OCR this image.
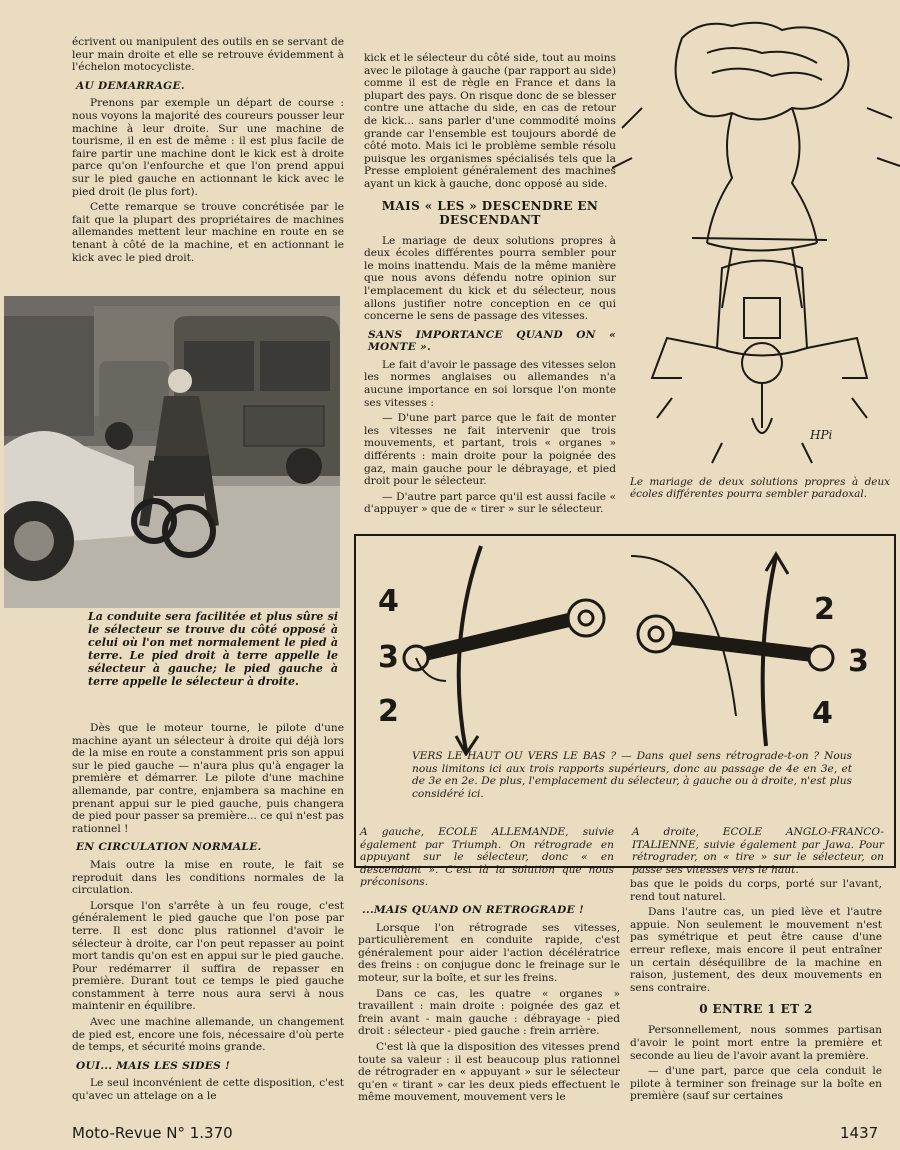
écrivent ou manipulent des outils en se servant de leur main droite et elle se retrouve évidemment à l'échelon motocycliste.

AU DEMARRAGE.

Prenons par exemple un départ de course : nous voyons la majorité des coureurs pousser leur machine à leur droite. Sur une machine de tourisme, il en est de même : il est plus facile de faire partir une machine dont le kick est à droite parce qu'on l'enfourche et que l'on prend appui sur le pied gauche en actionnant le kick avec le pied droit (le plus fort).

Cette remarque se trouve concrétisée par le fait que la plupart des propriétaires de machines allemandes mettent leur machine en route en se tenant à côté de la machine, et en actionnant le kick avec le pied droit.

La conduite sera facilitée et plus sûre si le sélecteur se trouve du côté opposé à celui où l'on met normalement le pied à terre. Le pied droit à terre appelle le sélecteur à gauche; le pied gauche à terre appelle le sélecteur à droite.

Dès que le moteur tourne, le pilote d'une machine ayant un sélecteur à droite qui déjà lors de la mise en route a constamment pris son appui sur le pied gauche — n'aura plus qu'à engager la première et démarrer. Le pilote d'une machine allemande, par contre, enjambera sa machine en prenant appui sur le pied gauche, puis changera de pied pour passer sa première... ce qui n'est pas rationnel !

EN CIRCULATION NORMALE.

Mais outre la mise en route, le fait se reproduit dans les conditions normales de la circulation.

Lorsque l'on s'arrête à un feu rouge, c'est généralement le pied gauche que l'on pose par terre. Il est donc plus rationnel d'avoir le sélecteur à droite, car l'on peut repasser au point mort tandis qu'on est en appui sur le pied gauche. Pour redémarrer il suffira de repasser en première. Durant tout ce temps le pied gauche constamment à terre nous aura servi à nous maintenir en équilibre.

Avec une machine allemande, un changement de pied est, encore une fois, nécessaire d'où perte de temps, et sécurité moins grande.

OUI... MAIS LES SIDES !

Le seul inconvénient de cette disposition, c'est qu'avec un attelage on a le

kick et le sélecteur du côté side, tout au moins avec le pilotage à gauche (par rapport au side) comme il est de règle en France et dans la plupart des pays. On risque donc de se blesser contre une attache du side, en cas de retour de kick... sans parler d'une commodité moins grande car l'ensemble est toujours abordé de côté moto. Mais ici le problème semble résolu puisque les organismes spécialisés tels que la Presse emploient généralement des machines ayant un kick à gauche, donc opposé au side.

MAIS « LES » DESCENDRE EN DESCENDANT

Le mariage de deux solutions propres à deux écoles différentes pourra sembler pour le moins inattendu. Mais de la même manière que nous avons défendu notre opinion sur l'emplacement du kick et du sélecteur, nous allons justifier notre conception en ce qui concerne le sens de passage des vitesses.

SANS IMPORTANCE QUAND ON « MONTE ».

Le fait d'avoir le passage des vitesses selon les normes anglaises ou allemandes n'a aucune importance en soi lorsque l'on monte ses vitesses :

— D'une part parce que le fait de monter les vitesses ne fait intervenir que trois mouvements, et partant, trois « organes » différents : main droite pour la poignée des gaz, main gauche pour le débrayage, et pied droit pour le sélecteur.

— D'autre part parce qu'il est aussi facile « d'appuyer » que de « tirer » sur le sélecteur.

HPi
Le mariage de deux solutions propres à deux écoles différentes pourra sembler paradoxal.
4
3
2
2
3
4
VERS LE HAUT OU VERS LE BAS ? — Dans quel sens rétrograde-t-on ? Nous nous limitons ici aux trois rapports supérieurs, donc au passage de 4e en 3e, et de 3e en 2e. De plus, l'emplacement du sélecteur, à gauche ou à droite, n'est plus considéré ici.
A gauche, ECOLE ALLEMANDE, suivie également par Triumph. On rétrograde en appuyant sur le sélecteur, donc « en descendant ». C'est là la solution que nous préconisons.
A droite, ECOLE ANGLO-FRANCO-ITALIENNE, suivie également par Jawa. Pour rétrograder, on « tire » sur le sélecteur, on passe ses vitesses vers le haut.
...MAIS QUAND ON RETROGRADE !

Lorsque l'on rétrograde ses vitesses, particulièrement en conduite rapide, c'est généralement pour aider l'action décélératrice des freins : on conjugue donc le freinage sur le moteur, sur la boîte, et sur les freins.

Dans ce cas, les quatre « organes » travaillent : main droite : poignée des gaz et frein avant - main gauche : débrayage - pied droit : sélecteur - pied gauche : frein arrière.

C'est là que la disposition des vitesses prend toute sa valeur : il est beaucoup plus rationnel de rétrograder en « appuyant » sur le sélecteur qu'en « tirant » car les deux pieds effectuent le même mouvement, mouvement vers le

bas que le poids du corps, porté sur l'avant, rend tout naturel.

Dans l'autre cas, un pied lève et l'autre appuie. Non seulement le mouvement n'est pas symétrique et peut être cause d'une erreur reflexe, mais encore il peut entraîner un certain déséquilibre de la machine en raison, justement, des deux mouvements en sens contraire.

0 ENTRE 1 ET 2

Personnellement, nous sommes partisan d'avoir le point mort entre la première et seconde au lieu de l'avoir avant la première.

— d'une part, parce que cela conduit le pilote à terminer son freinage sur la boîte en première (sauf sur certaines

Moto-Revue N° 1.370	1437
